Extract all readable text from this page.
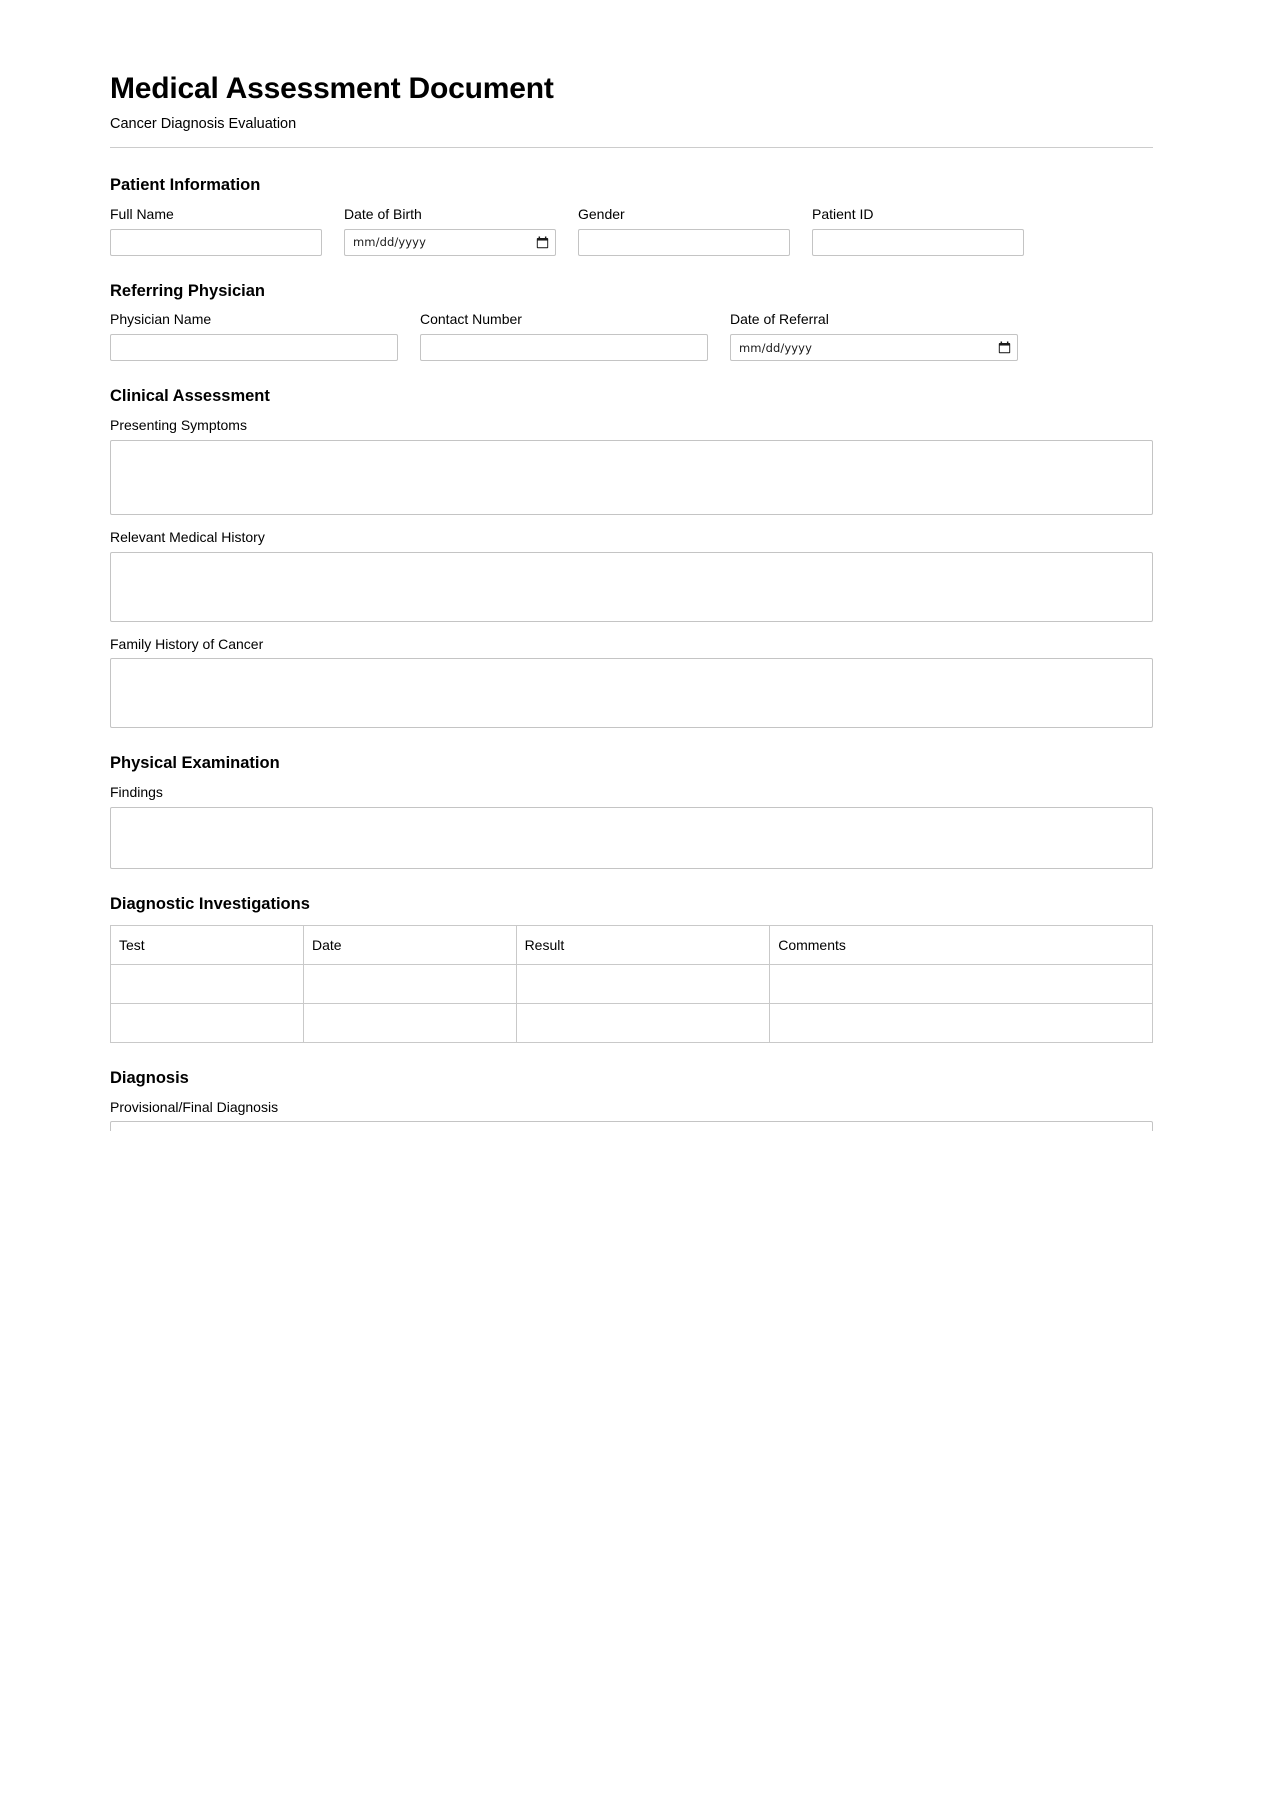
Medical Assessment Document
Cancer Diagnosis Evaluation
Patient Information
Full Name	Date of Birth
mm/dd/yyyy
Gender	Patient ID
Referring Physician
Physician Name	Contact Number	Date of Referral
mm/dd/yyyy
Clinical Assessment
Presenting Symptoms
Relevant Medical History
Family History of Cancer
Physical Examination
Findings
Diagnostic Investigations
Test	Date	Result	Comments

Diagnosis
Provisional/Final Diagnosis
